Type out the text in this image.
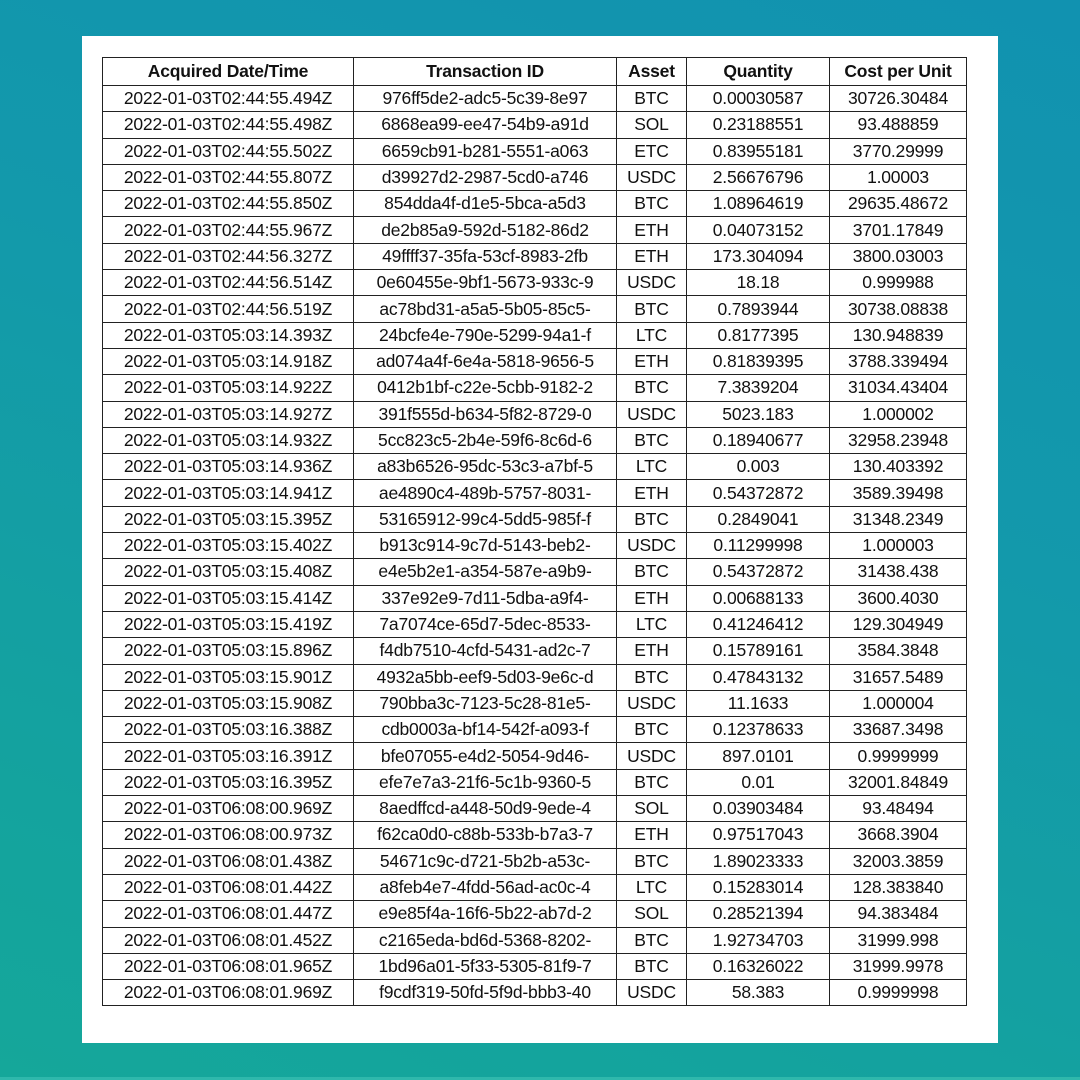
Acquired Date/Time	Transaction ID	Asset	Quantity	Cost per Unit
2022-01-03T02:44:55.494Z	976ff5de2-adc5-5c39-8e97	BTC	0.00030587	30726.30484
2022-01-03T02:44:55.498Z	6868ea99-ee47-54b9-a91d	SOL	0.23188551	93.488859
2022-01-03T02:44:55.502Z	6659cb91-b281-5551-a063	ETC	0.83955181	3770.29999
2022-01-03T02:44:55.807Z	d39927d2-2987-5cd0-a746	USDC	2.56676796	1.00003
2022-01-03T02:44:55.850Z	854dda4f-d1e5-5bca-a5d3	BTC	1.08964619	29635.48672
2022-01-03T02:44:55.967Z	de2b85a9-592d-5182-86d2	ETH	0.04073152	3701.17849
2022-01-03T02:44:56.327Z	49ffff37-35fa-53cf-8983-2fb	ETH	173.304094	3800.03003
2022-01-03T02:44:56.514Z	0e60455e-9bf1-5673-933c-9	USDC	18.18	0.999988
2022-01-03T02:44:56.519Z	ac78bd31-a5a5-5b05-85c5-	BTC	0.7893944	30738.08838
2022-01-03T05:03:14.393Z	24bcfe4e-790e-5299-94a1-f	LTC	0.8177395	130.948839
2022-01-03T05:03:14.918Z	ad074a4f-6e4a-5818-9656-5	ETH	0.81839395	3788.339494
2022-01-03T05:03:14.922Z	0412b1bf-c22e-5cbb-9182-2	BTC	7.3839204	31034.43404
2022-01-03T05:03:14.927Z	391f555d-b634-5f82-8729-0	USDC	5023.183	1.000002
2022-01-03T05:03:14.932Z	5cc823c5-2b4e-59f6-8c6d-6	BTC	0.18940677	32958.23948
2022-01-03T05:03:14.936Z	a83b6526-95dc-53c3-a7bf-5	LTC	0.003	130.403392
2022-01-03T05:03:14.941Z	ae4890c4-489b-5757-8031-	ETH	0.54372872	3589.39498
2022-01-03T05:03:15.395Z	53165912-99c4-5dd5-985f-f	BTC	0.2849041	31348.2349
2022-01-03T05:03:15.402Z	b913c914-9c7d-5143-beb2-	USDC	0.11299998	1.000003
2022-01-03T05:03:15.408Z	e4e5b2e1-a354-587e-a9b9-	BTC	0.54372872	31438.438
2022-01-03T05:03:15.414Z	337e92e9-7d11-5dba-a9f4-	ETH	0.00688133	3600.4030
2022-01-03T05:03:15.419Z	7a7074ce-65d7-5dec-8533-	LTC	0.41246412	129.304949
2022-01-03T05:03:15.896Z	f4db7510-4cfd-5431-ad2c-7	ETH	0.15789161	3584.3848
2022-01-03T05:03:15.901Z	4932a5bb-eef9-5d03-9e6c-d	BTC	0.47843132	31657.5489
2022-01-03T05:03:15.908Z	790bba3c-7123-5c28-81e5-	USDC	11.1633	1.000004
2022-01-03T05:03:16.388Z	cdb0003a-bf14-542f-a093-f	BTC	0.12378633	33687.3498
2022-01-03T05:03:16.391Z	bfe07055-e4d2-5054-9d46-	USDC	897.0101	0.9999999
2022-01-03T05:03:16.395Z	efe7e7a3-21f6-5c1b-9360-5	BTC	0.01	32001.84849
2022-01-03T06:08:00.969Z	8aedffcd-a448-50d9-9ede-4	SOL	0.03903484	93.48494
2022-01-03T06:08:00.973Z	f62ca0d0-c88b-533b-b7a3-7	ETH	0.97517043	3668.3904
2022-01-03T06:08:01.438Z	54671c9c-d721-5b2b-a53c-	BTC	1.89023333	32003.3859
2022-01-03T06:08:01.442Z	a8feb4e7-4fdd-56ad-ac0c-4	LTC	0.15283014	128.383840
2022-01-03T06:08:01.447Z	e9e85f4a-16f6-5b22-ab7d-2	SOL	0.28521394	94.383484
2022-01-03T06:08:01.452Z	c2165eda-bd6d-5368-8202-	BTC	1.92734703	31999.998
2022-01-03T06:08:01.965Z	1bd96a01-5f33-5305-81f9-7	BTC	0.16326022	31999.9978
2022-01-03T06:08:01.969Z	f9cdf319-50fd-5f9d-bbb3-40	USDC	58.383	0.9999998
